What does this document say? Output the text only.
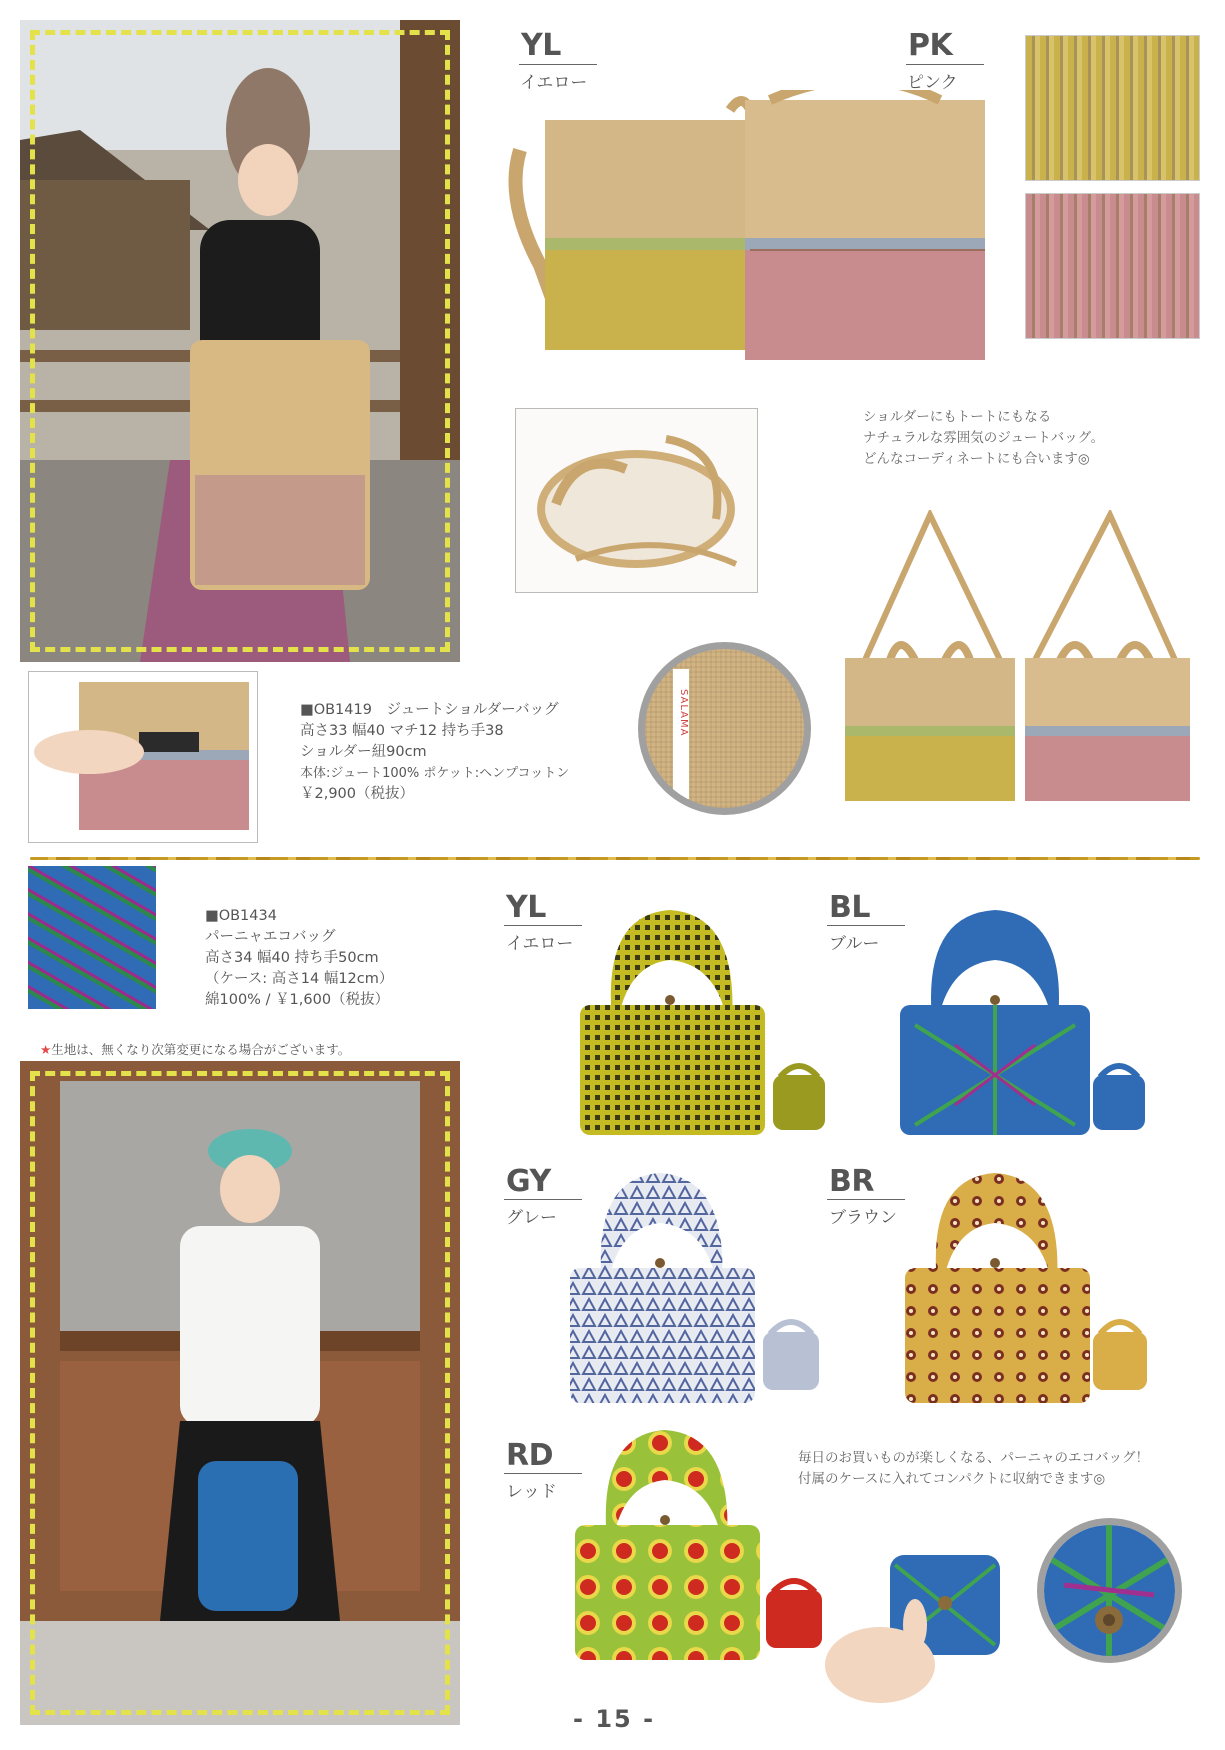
YL
イエロー
PK
ピンク
ショルダーにもトートにもなる
ナチュラルな雰囲気のジュートバッグ。
どんなコーディネートにも合います◎
SALAMA
■OB1419　ジュートショルダーバッグ
高さ33 幅40 マチ12 持ち手38
ショルダー紐90cm
本体:ジュート100% ポケット:ヘンプコットン
￥2,900（税抜）
■OB1434
パーニャエコバッグ
高さ34 幅40 持ち手50cm
（ケース: 高さ14 幅12cm）
綿100% / ￥1,600（税抜）
★生地は、無くなり次第変更になる場合がございます。
YL
イエロー
BL
ブルー
GY
グレー
BR
ブラウン
RD
レッド
毎日のお買いものが楽しくなる、パーニャのエコバッグ！
付属のケースに入れてコンパクトに収納できます◎
- 15 -
